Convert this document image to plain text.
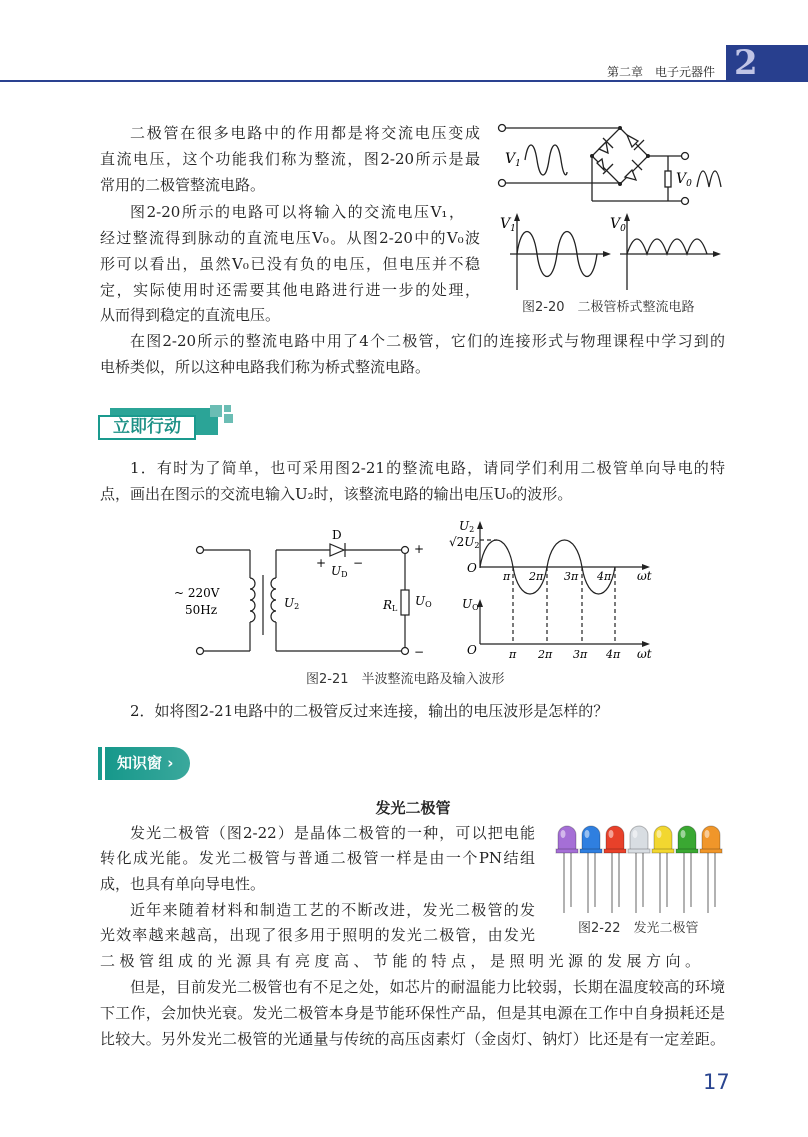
第二章　电子元器件 2
二极管在很多电路中的作用都是将交流电压变成
直流电压，这个功能我们称为整流，图2-20所示是最
常用的二极管整流电路。
图2-20所示的电路可以将输入的交流电压V₁，
经过整流得到脉动的直流电压V₀。从图2-20中的V₀波
形可以看出，虽然V₀已没有负的电压，但电压并不稳
定，实际使用时还需要其他电路进行进一步的处理，
从而得到稳定的直流电压。
在图2-20所示的整流电路中用了4个二极管，它们的连接形式与物理课程中学习到的
电桥类似，所以这种电路我们称为桥式整流电路。
$V_1$
$V_0$
$V_1$	$V_0$
图2-20　二极管桥式整流电路
立即行动
1．有时为了简单，也可采用图2-21的整流电路，请同学们利用二极管单向导电的特
点，画出在图示的交流电输入U₂时，该整流电路的输出电压U₀的波形。
D
+ −
UD
+
−
~ 220V
50Hz	U2	RL
UO
U2
√2U2
O
π 2π 3π 4π ωt
UO
O	π 2π 3π 4π ωt
图2-21　半波整流电路及输入波形
2．如将图2-21电路中的二极管反过来连接，输出的电压波形是怎样的？
知识窗 ›
发光二极管
发光二极管（图2-22）是晶体二极管的一种，可以把电能
转化成光能。发光二极管与普通二极管一样是由一个PN结组
成，也具有单向导电性。
近年来随着材料和制造工艺的不断改进，发光二极管的发
光效率越来越高，出现了很多用于照明的发光二极管，由发光
二极管组成的光源具有亮度高、节能的特点，是照明光源的发展方向。
但是，目前发光二极管也有不足之处，如芯片的耐温能力比较弱，长期在温度较高的环境
下工作，会加快光衰。发光二极管本身是节能环保性产品，但是其电源在工作中自身损耗还是
比较大。另外发光二极管的光通量与传统的高压卤素灯（金卤灯、钠灯）比还是有一定差距。
图2-22　发光二极管
17
